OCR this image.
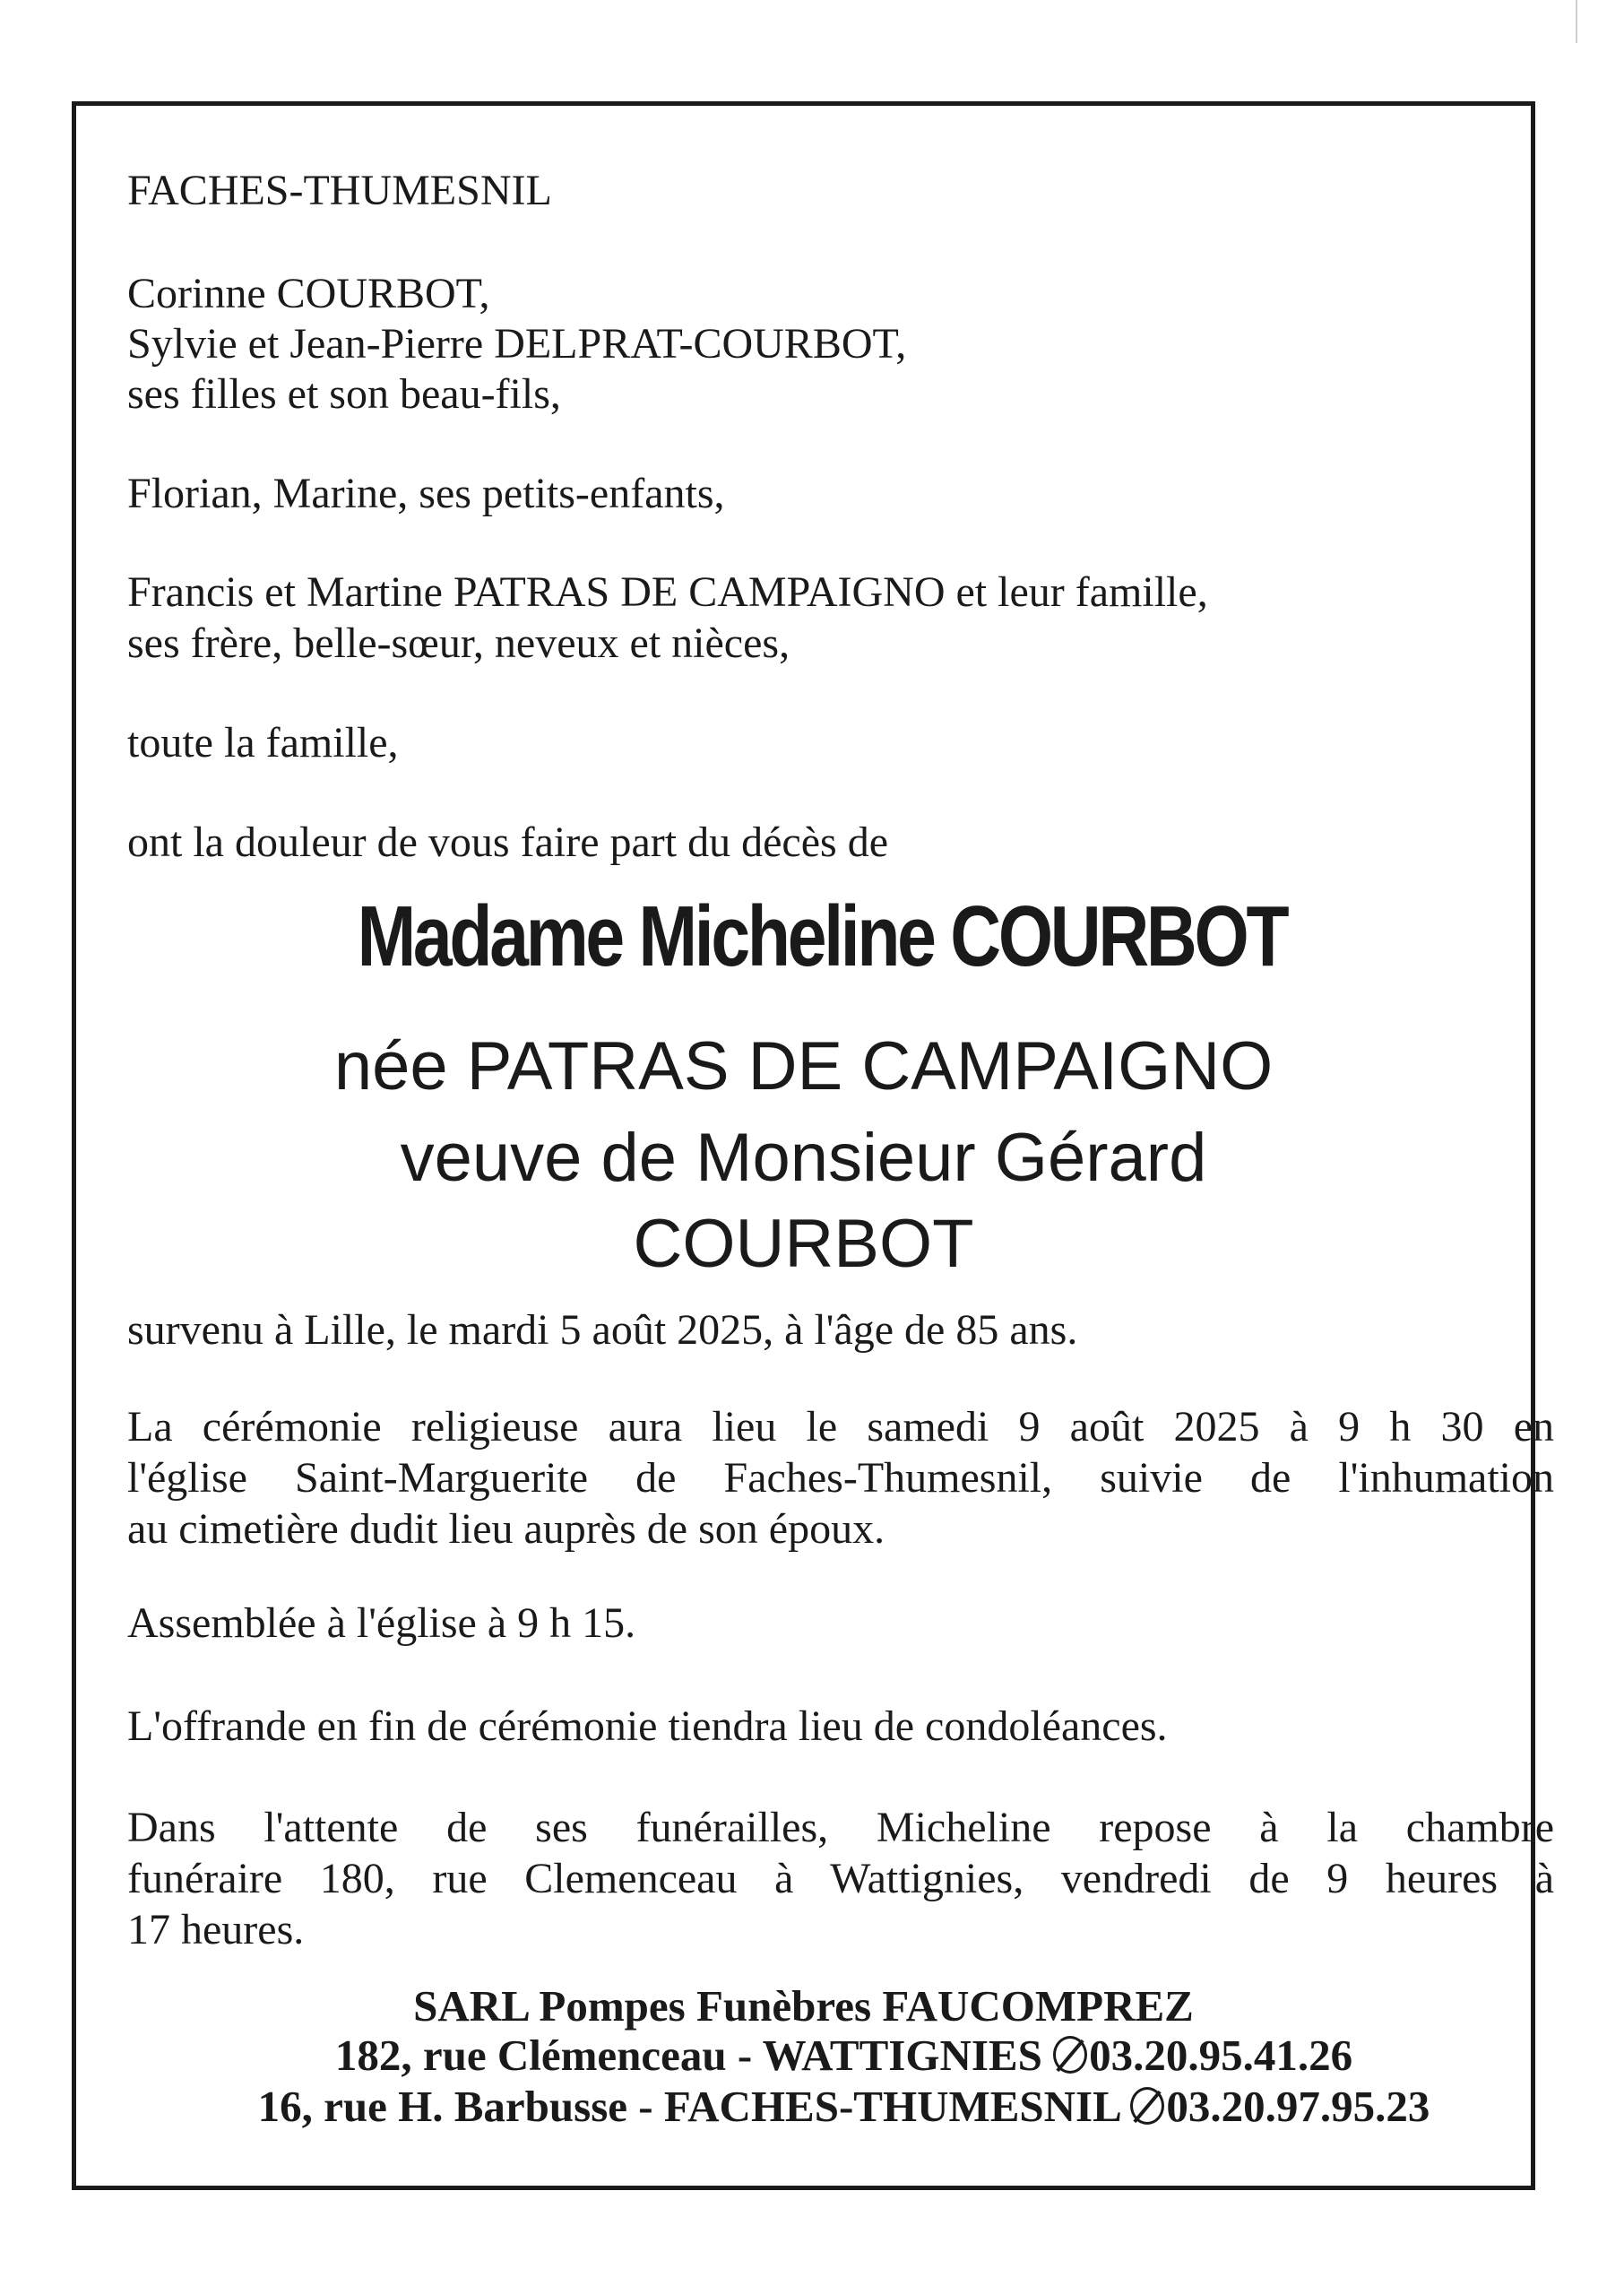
FACHES-THUMESNIL

Corinne COURBOT,

Sylvie et Jean-Pierre DELPRAT-COURBOT,

ses filles et son beau-fils,

Florian, Marine, ses petits-enfants,

Francis et Martine PATRAS DE CAMPAIGNO et leur famille,

ses frère, belle-sœur, neveux et nièces,

toute la famille,

ont la douleur de vous faire part du décès de

Madame Micheline COURBOT

née PATRAS DE CAMPAIGNO

veuve de Monsieur Gérard

COURBOT

survenu à Lille, le mardi 5 août 2025, à l'âge de 85 ans.

La cérémonie religieuse aura lieu le samedi 9 août 2025 à 9 h 30 en
l'église Saint-Marguerite de Faches-Thumesnil, suivie de l'inhumation
au cimetière dudit lieu auprès de son époux.

Assemblée à l'église à 9 h 15.

L'offrande en fin de cérémonie tiendra lieu de condoléances.

Dans l'attente de ses funérailles, Micheline repose à la chambre
funéraire 180, rue Clemenceau à Wattignies, vendredi de 9 heures à
17 heures.

SARL Pompes Funèbres FAUCOMPREZ

182, rue Clémenceau - WATTIGNIES 03.20.95.41.26

16, rue H. Barbusse - FACHES-THUMESNIL 03.20.97.95.23
